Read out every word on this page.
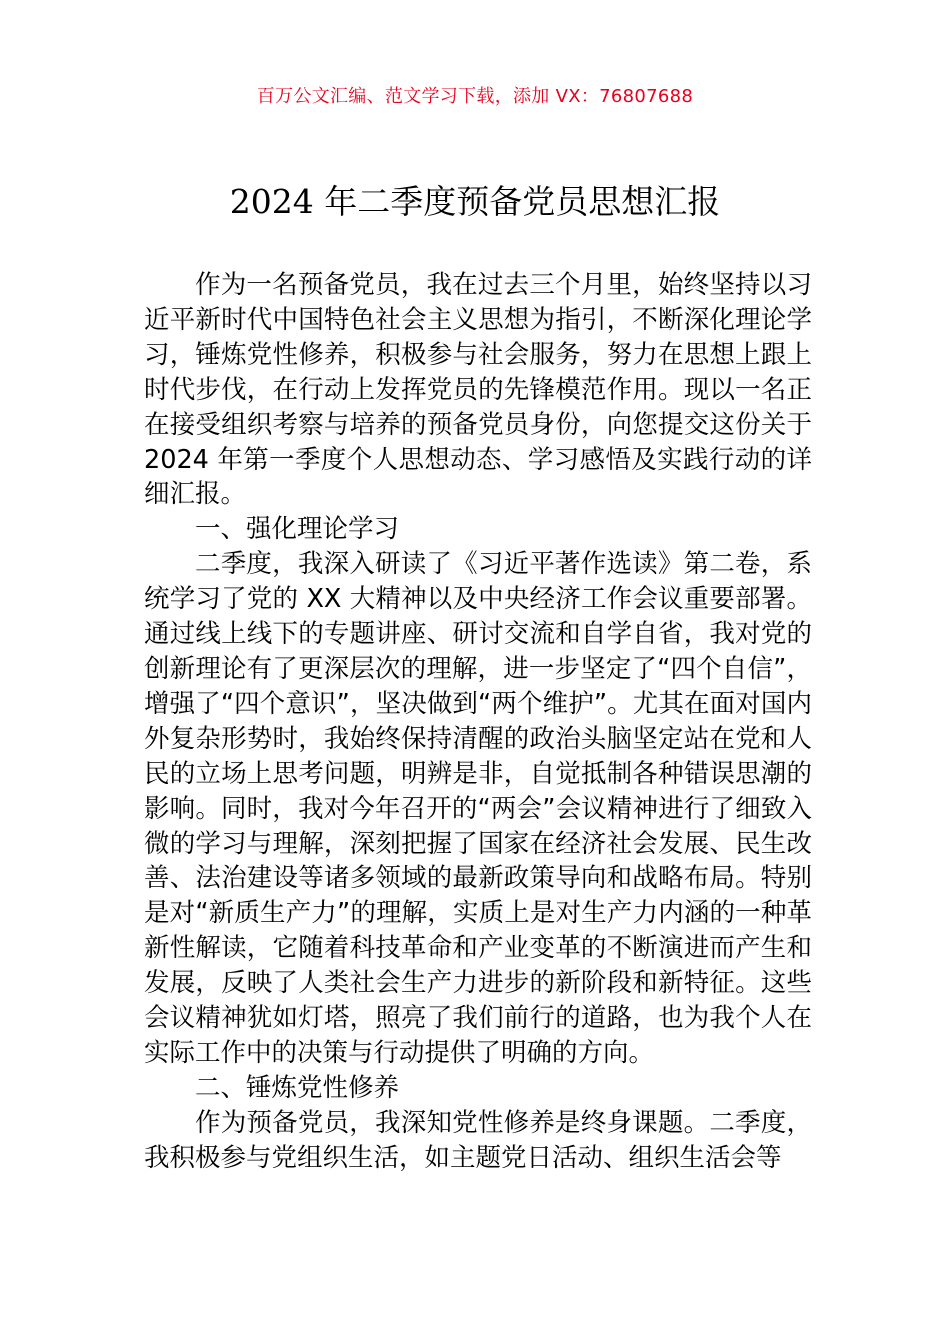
百万公文汇编、范文学习下载，添加 VX：76807688
2024 年二季度预备党员思想汇报

作为一名预备党员，我在过去三个月里，始终坚持以习近平新时代中国特色社会主义思想为指引，不断深化理论学习，锤炼党性修养，积极参与社会服务，努力在思想上跟上时代步伐，在行动上发挥党员的先锋模范作用。现以一名正在接受组织考察与培养的预备党员身份，向您提交这份关于 2024 年第一季度个人思想动态、学习感悟及实践行动的详细汇报。

一、强化理论学习

二季度，我深入研读了《习近平著作选读》第二卷，系统学习了党的 XX 大精神以及中央经济工作会议重要部署。通过线上线下的专题讲座、研讨交流和自学自省，我对党的创新理论有了更深层次的理解，进一步坚定了“四个自信”，增强了“四个意识”，坚决做到“两个维护”。尤其在面对国内外复杂形势时，我始终保持清醒的政治头脑坚定站在党和人民的立场上思考问题，明辨是非，自觉抵制各种错误思潮的影响。同时，我对今年召开的“两会”会议精神进行了细致入微的学习与理解，深刻把握了国家在经济社会发展、民生改善、法治建设等诸多领域的最新政策导向和战略布局。特别是对“新质生产力”的理解，实质上是对生产力内涵的一种革新性解读，它随着科技革命和产业变革的不断演进而产生和发展，反映了人类社会生产力进步的新阶段和新特征。这些会议精神犹如灯塔，照亮了我们前行的道路，也为我个人在实际工作中的决策与行动提供了明确的方向。

二、锤炼党性修养

作为预备党员，我深知党性修养是终身课题。二季度，我积极参与党组织生活，如主题党日活动、组织生活会等
